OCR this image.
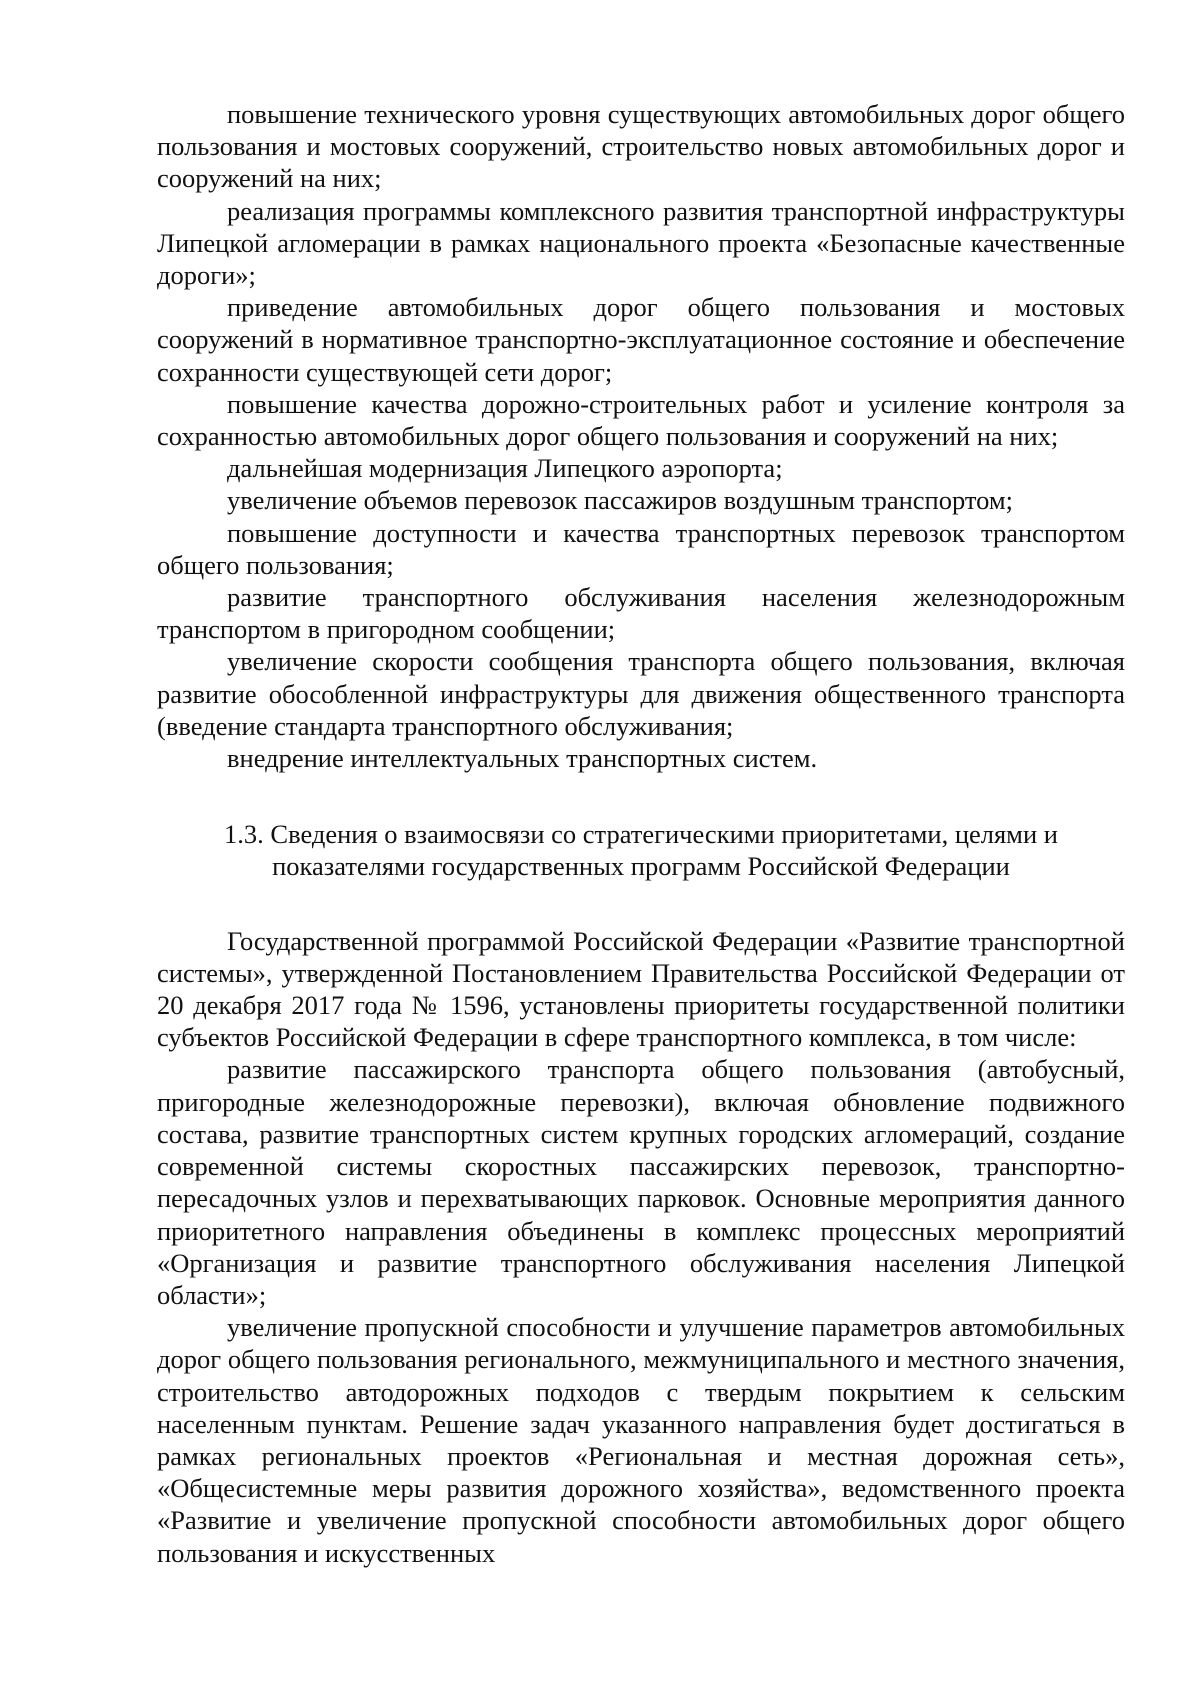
повышение технического уровня существующих автомобильных дорог общего пользования и мостовых сооружений, строительство новых автомобильных дорог и сооружений на них;

реализация программы комплексного развития транспортной инфраструктуры Липецкой агломерации в рамках национального проекта «Безопасные качественные дороги»;

приведение автомобильных дорог общего пользования и мостовых сооружений в нормативное транспортно-эксплуатационное состояние и обеспечение сохранности существующей сети дорог;

повышение качества дорожно-строительных работ и усиление контроля за сохранностью автомобильных дорог общего пользования и сооружений на них;

дальнейшая модернизация Липецкого аэропорта;

увеличение объемов перевозок пассажиров воздушным транспортом;

повышение доступности и качества транспортных перевозок транспортом общего пользования;

развитие транспортного обслуживания населения железнодорожным транспортом в пригородном сообщении;

увеличение скорости сообщения транспорта общего пользования, включая развитие обособленной инфраструктуры для движения общественного транспорта (введение стандарта транспортного обслуживания;

внедрение интеллектуальных транспортных систем.

1.3. Сведения о взаимосвязи со стратегическими приоритетами, целями и показателями государственных программ Российской Федерации

Государственной программой Российской Федерации «Развитие транспортной системы», утвержденной Постановлением Правительства Российской Федерации от 20 декабря 2017 года № 1596, установлены приоритеты государственной политики субъектов Российской Федерации в сфере транспортного комплекса, в том числе:

развитие пассажирского транспорта общего пользования (автобусный, пригородные железнодорожные перевозки), включая обновление подвижного состава, развитие транспортных систем крупных городских агломераций, создание современной системы скоростных пассажирских перевозок, транспортно-пересадочных узлов и перехватывающих парковок. Основные мероприятия данного приоритетного направления объединены в комплекс процессных мероприятий «Организация и развитие транспортного обслуживания населения Липецкой области»;

увеличение пропускной способности и улучшение параметров автомобильных дорог общего пользования регионального, межмуниципального и местного значения, строительство автодорожных подходов с твердым покрытием к сельским населенным пунктам. Решение задач указанного направления будет достигаться в рамках региональных проектов «Региональная и местная дорожная сеть», «Общесистемные меры развития дорожного хозяйства», ведомственного проекта «Развитие и увеличение пропускной способности автомобильных дорог общего пользования и искусственных
